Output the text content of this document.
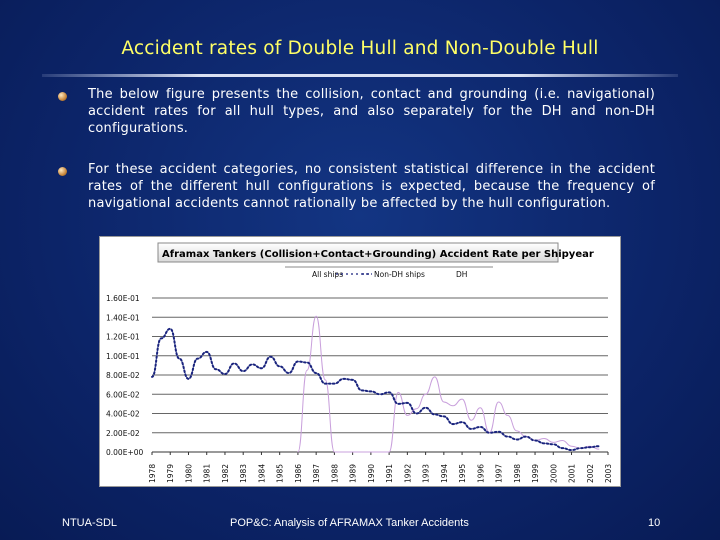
Accident rates of Double Hull and Non-Double Hull
The below figure presents the collision, contact and grounding (i.e. navigational) accident rates for all hull types, and also separately for the DH and non-DH configurations.
For these accident categories, no consistent statistical difference in the accident rates of the different hull configurations is expected, because the frequency of navigational accidents cannot rationally be affected by the hull configuration.
Aframax Tankers (Collision+Contact+Grounding) Accident Rate per Shipyear
All ships	Non-DH ships	DH
0.00E+00
2.00E-02
4.00E-02
6.00E-02
8.00E-02
1.00E-01
1.20E-01
1.40E-01
1.60E-01
1978 1979 1980 1981 1982 1983 1984 1985 1986 1987 1988 1989 1990 1991 1992 1993 1994 1995 1996 1997 1998 1999 2000 2001 2002 2003
NTUA-SDL	POP&C: Analysis of AFRAMAX Tanker Accidents	10
